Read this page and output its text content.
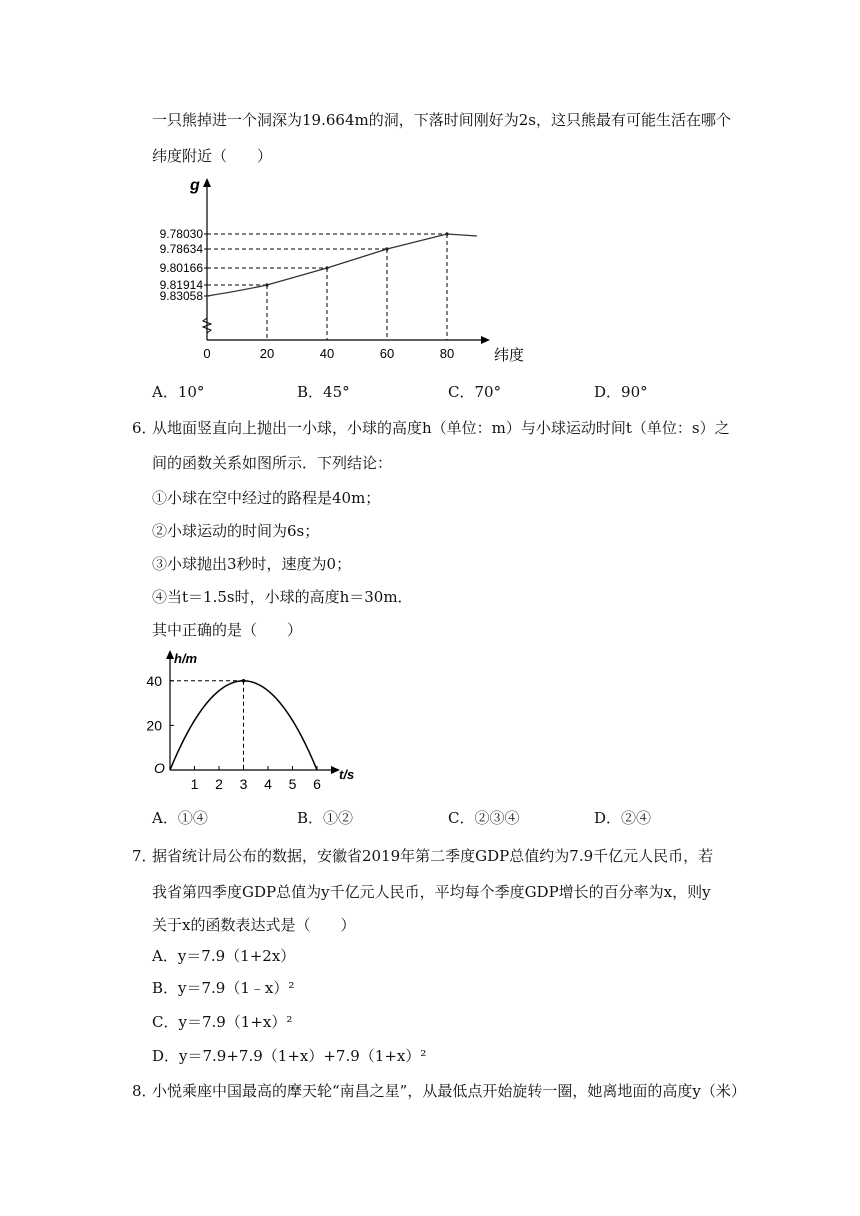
一只熊掉进一个洞深为19.664m的洞，下落时间刚好为2s，这只熊最有可能生活在哪个
纬度附近（　　）
g
纬度
9.83058
9.81914
9.80166
9.78634
9.78030
0	20	40	60	80
A．10°	B．45°	C．70°	D．90°
6．
从地面竖直向上抛出一小球，小球的高度h（单位：m）与小球运动时间t（单位：s）之
间的函数关系如图所示．下列结论：
①小球在空中经过的路程是40m；
②小球运动的时间为6s；
③小球抛出3秒时，速度为0；
④当t＝1.5s时，小球的高度h＝30m．
其中正确的是（　　）
h/m
t/s
O
20
40
1 2 3 4 5 6
A．①④	B．①②	C．②③④	D．②④
7．
据省统计局公布的数据，安徽省2019年第二季度GDP总值约为7.9千亿元人民币，若
我省第四季度GDP总值为y千亿元人民币，平均每个季度GDP增长的百分率为x，则y
关于x的函数表达式是（　　）
A．y＝7.9（1+2x）
B．y＝7.9（1﹣x）²
C．y＝7.9（1+x）²
D．y＝7.9+7.9（1+x）+7.9（1+x）²
8．
小悦乘座中国最高的摩天轮“南昌之星”，从最低点开始旋转一圈，她离地面的高度y（米）
